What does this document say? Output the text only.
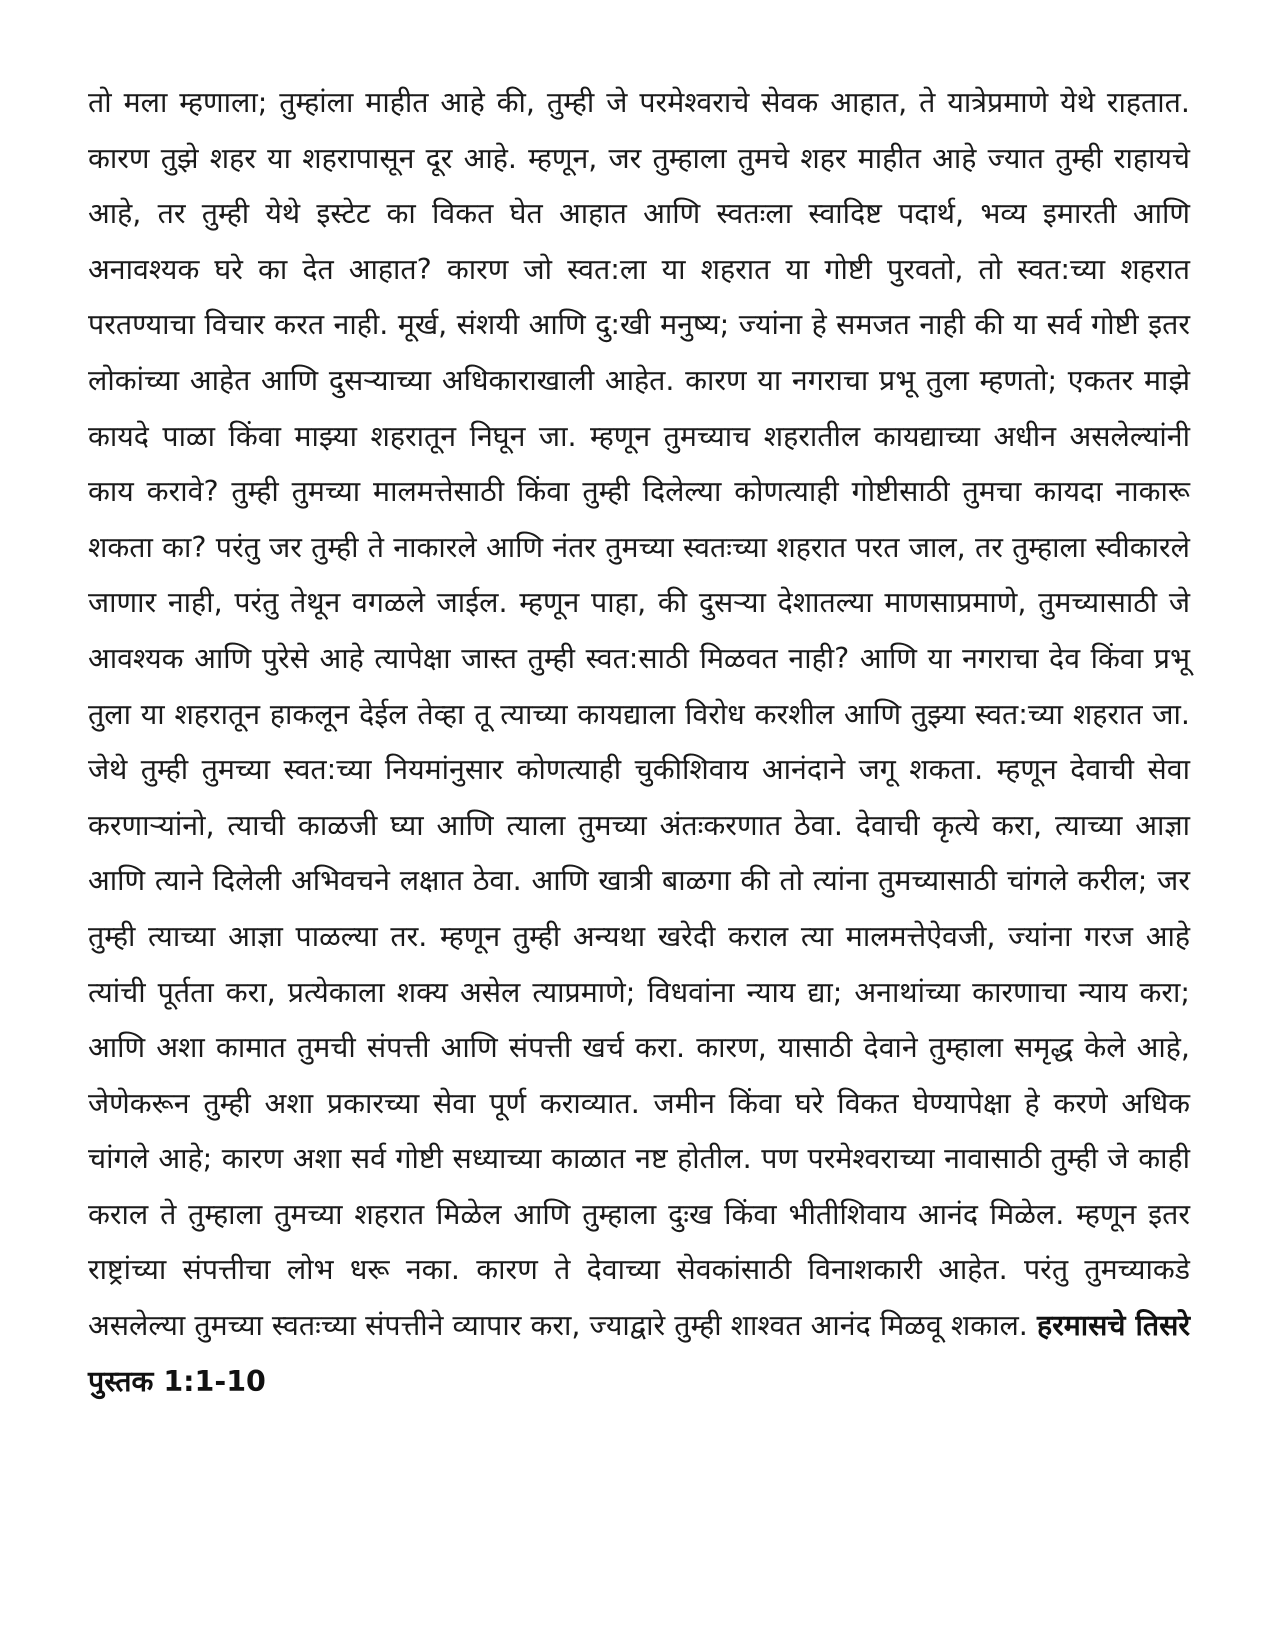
तो मला म्हणाला; तुम्हांला माहीत आहे की, तुम्ही जे परमेश्वराचे सेवक आहात, ते यात्रेप्रमाणे येथे राहतात. कारण तुझे शहर या शहरापासून दूर आहे. म्हणून, जर तुम्हाला तुमचे शहर माहीत आहे ज्यात तुम्ही राहायचे आहे, तर तुम्ही येथे इस्टेट का विकत घेत आहात आणि स्वतःला स्वादिष्ट पदार्थ, भव्य इमारती आणि अनावश्यक घरे का देत आहात? कारण जो स्वत:ला या शहरात या गोष्टी पुरवतो, तो स्वत:च्या शहरात परतण्याचा विचार करत नाही. मूर्ख, संशयी आणि दु:खी मनुष्य; ज्यांना हे समजत नाही की या सर्व गोष्टी इतर लोकांच्या आहेत आणि दुसऱ्याच्या अधिकाराखाली आहेत. कारण या नगराचा प्रभू तुला म्हणतो; एकतर माझे कायदे पाळा किंवा माझ्या शहरातून निघून जा. म्हणून तुमच्याच शहरातील कायद्याच्या अधीन असलेल्यांनी काय करावे? तुम्ही तुमच्या मालमत्तेसाठी किंवा तुम्ही दिलेल्या कोणत्याही गोष्टीसाठी तुमचा कायदा नाकारू शकता का? परंतु जर तुम्ही ते नाकारले आणि नंतर तुमच्या स्वतःच्या शहरात परत जाल, तर तुम्हाला स्वीकारले जाणार नाही, परंतु तेथून वगळले जाईल. म्हणून पाहा, की दुसऱ्या देशातल्या माणसाप्रमाणे, तुमच्यासाठी जे आवश्यक आणि पुरेसे आहे त्यापेक्षा जास्त तुम्ही स्वत:साठी मिळवत नाही? आणि या नगराचा देव किंवा प्रभू तुला या शहरातून हाकलून देईल तेव्हा तू त्याच्या कायद्याला विरोध करशील आणि तुझ्या स्वत:च्या शहरात जा. जेथे तुम्ही तुमच्या स्वत:च्या नियमांनुसार कोणत्याही चुकीशिवाय आनंदाने जगू शकता. म्हणून देवाची सेवा करणाऱ्यांनो, त्याची काळजी घ्या आणि त्याला तुमच्या अंतःकरणात ठेवा. देवाची कृत्ये करा, त्याच्या आज्ञा आणि त्याने दिलेली अभिवचने लक्षात ठेवा. आणि खात्री बाळगा की तो त्यांना तुमच्यासाठी चांगले करील; जर तुम्ही त्याच्या आज्ञा पाळल्या तर. म्हणून तुम्ही अन्यथा खरेदी कराल त्या मालमत्तेऐवजी, ज्यांना गरज आहे त्यांची पूर्तता करा, प्रत्येकाला शक्य असेल त्याप्रमाणे; विधवांना न्याय द्या; अनाथांच्या कारणाचा न्याय करा; आणि अशा कामात तुमची संपत्ती आणि संपत्ती खर्च करा. कारण, यासाठी देवाने तुम्हाला समृद्ध केले आहे, जेणेकरून तुम्ही अशा प्रकारच्या सेवा पूर्ण कराव्यात. जमीन किंवा घरे विकत घेण्यापेक्षा हे करणे अधिक चांगले आहे; कारण अशा सर्व गोष्टी सध्याच्या काळात नष्ट होतील. पण परमेश्वराच्या नावासाठी तुम्ही जे काही कराल ते तुम्हाला तुमच्या शहरात मिळेल आणि तुम्हाला दुःख किंवा भीतीशिवाय आनंद मिळेल. म्हणून इतर राष्ट्रांच्या संपत्तीचा लोभ धरू नका. कारण ते देवाच्या सेवकांसाठी विनाशकारी आहेत. परंतु तुमच्याकडे असलेल्या तुमच्या स्वतःच्या संपत्तीने व्यापार करा, ज्याद्वारे तुम्ही शाश्वत आनंद मिळवू शकाल. हरमासचे तिसरे पुस्तक 1:1-10
